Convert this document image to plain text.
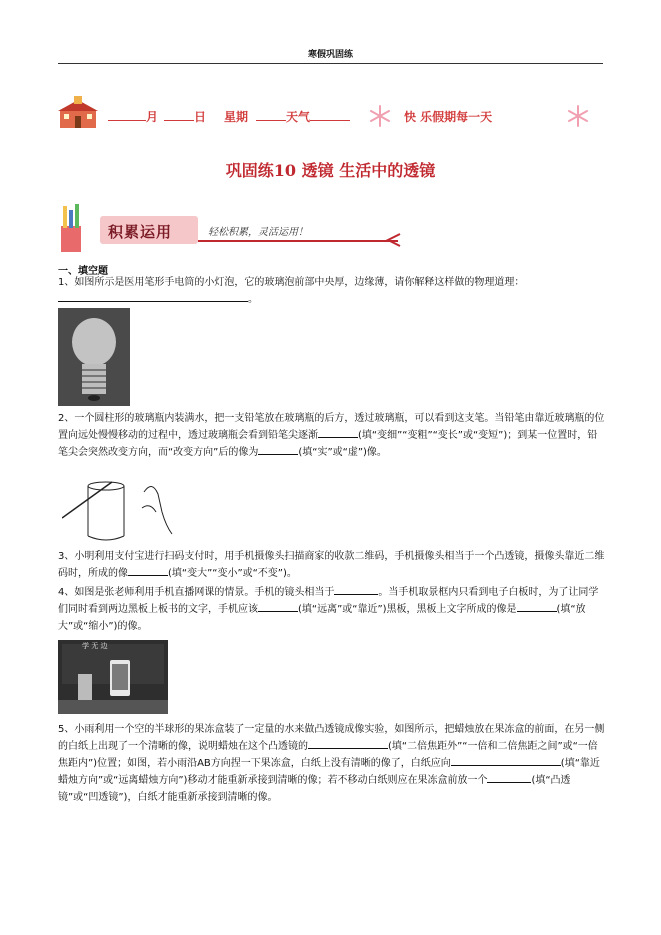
寒假巩固练
月	日 星期	天气	快 乐假期每一天
巩固练10 透镜 生活中的透镜
积累运用	轻松积累，灵活运用！
一、填空题
1、如图所示是医用笔形手电筒的小灯泡，它的玻璃泡前部中央厚，边缘薄，请你解释这样做的物理道理：
。
2、一个圆柱形的玻璃瓶内装满水，把一支铅笔放在玻璃瓶的后方，透过玻璃瓶，可以看到这支笔。当铅笔由靠近玻璃瓶的位置向远处慢慢移动的过程中，透过玻璃瓶会看到铅笔尖逐渐	(填“变细”“变粗”“变长”或“变短”)；到某一位置时，铅笔尖会突然改变方向，而“改变方向”后的像为	(填“实”或“虚”)像。
3、小明利用支付宝进行扫码支付时，用手机摄像头扫描商家的收款二维码，手机摄像头相当于一个凸透镜，摄像头靠近二维码时，所成的像	(填“变大”“变小”或“不变”)。
4、如图是张老师利用手机直播网课的情景。手机的镜头相当于	。当手机取景框内只看到电子白板时，为了让同学们同时看到两边黑板上板书的文字，手机应该	(填“远离”或“靠近”)黑板，黑板上文字所成的像是	(填“放大”或“缩小”)的像。
学 无 边
5、小雨利用一个空的半球形的果冻盒装了一定量的水来做凸透镜成像实验，如图所示，把蜡烛放在果冻盒的前面，在另一侧的白纸上出现了一个清晰的像，说明蜡烛在这个凸透镜的	(填“二倍焦距外”“一倍和二倍焦距之间”或“一倍焦距内”)位置；如图，若小雨沿AB方向捏一下果冻盒，白纸上没有清晰的像了，白纸应向	(填“靠近蜡烛方向”或“远离蜡烛方向”)移动才能重新承接到清晰的像；若不移动白纸则应在果冻盒前放一个	(填“凸透镜”或“凹透镜”)，白纸才能重新承接到清晰的像。
